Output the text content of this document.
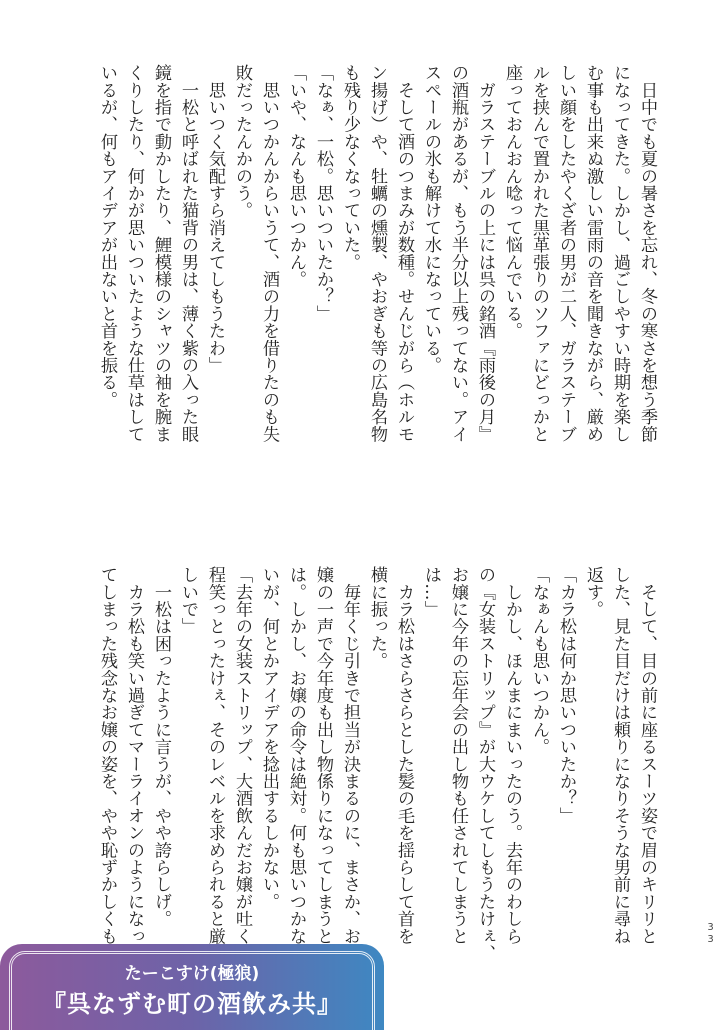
　日中でも夏の暑さを忘れ、冬の寒さを想う季節
になってきた。しかし、過ごしやすい時期を楽し
む事も出来ぬ激しい雷雨の音を聞きながら、厳め
しい顔をしたやくざ者の男が二人、ガラステーブ
ルを挟んで置かれた黒革張りのソファにどっかと
座っておんおん唸って悩んでいる。
　ガラステーブルの上には呉の銘酒『雨後の月』
の酒瓶があるが、もう半分以上残ってない。アイ
スペールの氷も解けて水になっている。
　そして酒のつまみが数種。せんじがら（ホルモ
ン揚げ）や、牡蠣の燻製、やおぎも等の広島名物
も残り少なくなっていた。
「なぁ、一松。思いついたか？」
「いや、なんも思いつかん。
　思いつかんからいうて、酒の力を借りたのも失
敗だったんかのう。
　思いつく気配すら消えてしもうたわ」
　一松と呼ばれた猫背の男は、薄く紫の入った眼
鏡を指で動かしたり、鯉模様のシャツの袖を腕ま
くりしたり、何かが思いついたような仕草はして
いるが、何もアイデアが出ないと首を振る。
　そして、目の前に座るスーツ姿で眉のキリリと
した、見た目だけは頼りになりそうな男前に尋ね
返す。
「カラ松は何か思いついたか？」
「なぁんも思いつかん。
　しかし、ほんまにまいったのう。去年のわしら
の『女装ストリップ』が大ウケしてしもうたけぇ、
お嬢に今年の忘年会の出し物も任されてしまうと
は…」
　カラ松はさらさらとした髪の毛を揺らして首を
横に振った。
　毎年くじ引きで担当が決まるのに、まさか、お
嬢の一声で今年度も出し物係りになってしまうと
は。しかし、お嬢の命令は絶対。何も思いつかな
いが、何とかアイデアを捻出するしかない。
「去年の女装ストリップ、大酒飲んだお嬢が吐く
程笑っとったけぇ、そのレベルを求められると厳
しいで」
　一松は困ったように言うが、やや誇らしげ。
　カラ松も笑い過ぎてマーライオンのようになっ
てしまった残念なお嬢の姿を、やや恥ずかしくも	33
たーこすけ(極狼)
『呉なずむ町の酒飲み共』
